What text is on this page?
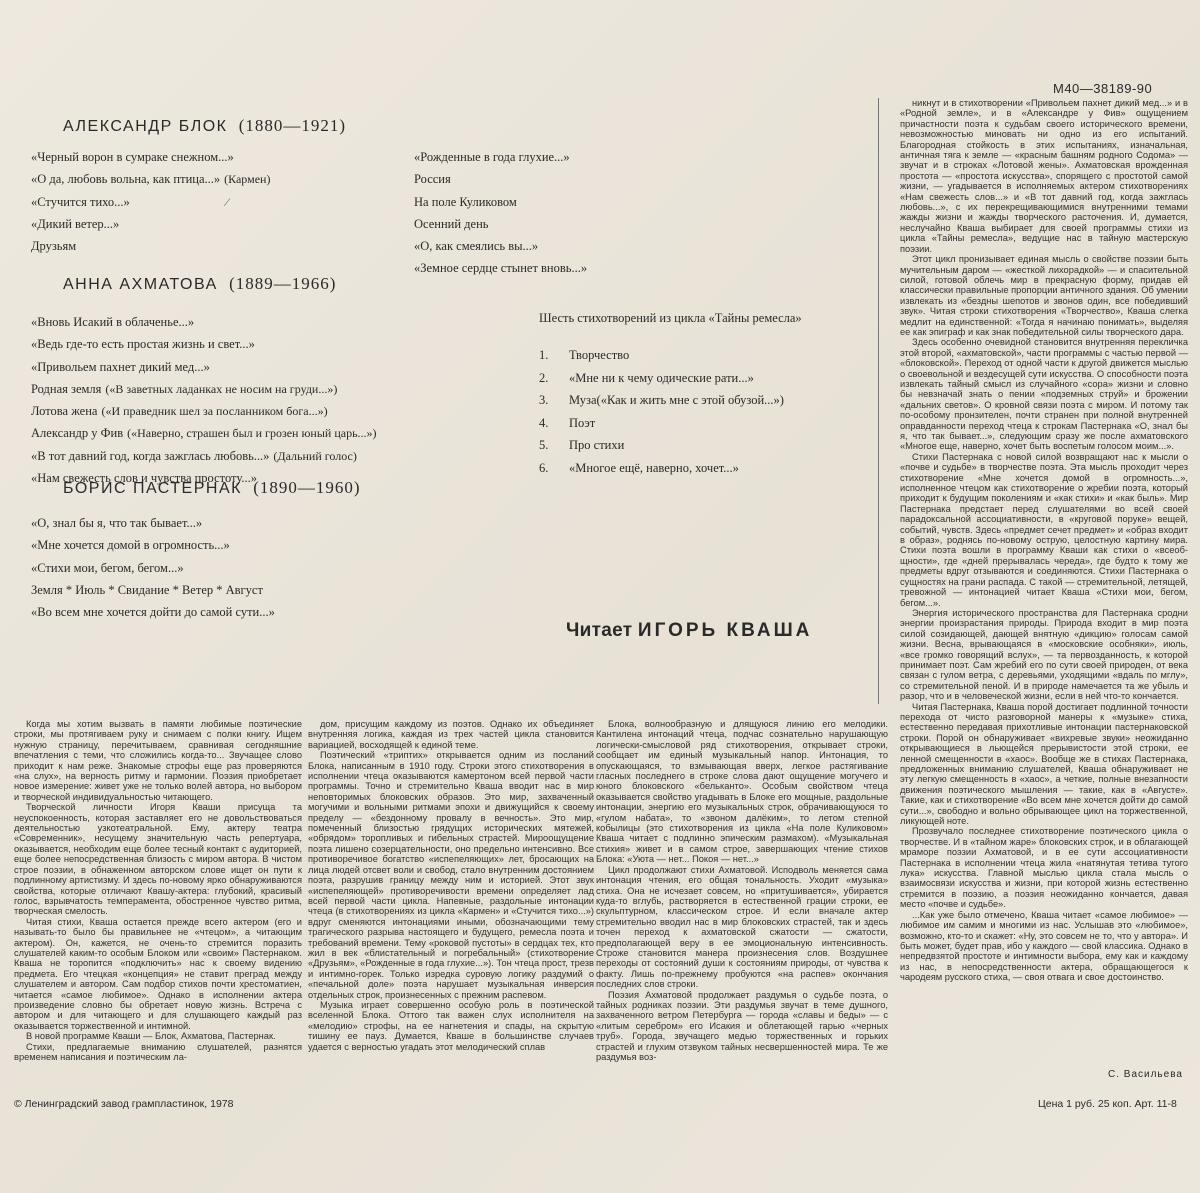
М40—38189-90
АЛЕКСАНДР БЛОК (1880—1921)
«Черный ворон в сумраке снежном...»
«О да, любовь вольна, как птица...» (Кармен)
«Стучится тихо...»
«Дикий ветер...»
Друзьям
«Рожденные в года глухие...»
Россия
На поле Куликовом
Осенний день
«О, как смеялись вы...»
«Земное сердце стынет вновь...»
⁄
АННА АХМАТОВА (1889—1966)
«Вновь Исакий в облаченье...»
«Ведь где-то есть простая жизнь и свет...»
«Привольем пахнет дикий мед...»
Родная земля («В заветных ладанках не носим на груди...»)
Лотова жена («И праведник шел за посланником бога...»)
Александр у Фив («Наверно, страшен был и грозен юный царь...»)
«В тот давний год, когда зажглась любовь...» (Дальний голос)
«Нам свежесть слов и чувства простоту...»
Шесть стихотворений из цикла «Тайны ремесла»
1. Творчество
2. «Мне ни к чему одические рати...»
3. Муза(«Как и жить мне с этой обузой...»)
4. Поэт
5. Про стихи
6. «Многое ещё, наверно, хочет...»
БОРИС ПАСТЕРНАК (1890—1960)
«О, знал бы я, что так бывает...»
«Мне хочется домой в огромность...»
«Стихи мои, бегом, бегом...»
Земля * Июль * Свидание * Ветер * Август
«Во всем мне хочется дойти до самой сути...»
Читает ИГОРЬ КВАША

Когда мы хотим вызвать в памяти любимые поэтические строки, мы протягиваем руку и снимаем с полки книгу. Ищем нужную страницу, перечитываем, сравнивая сегодняшние впечатления с теми, что сложились когда-то... Звучащее слово приходит к нам реже. Знакомые строфы еще раз проверяются «на слух», на верность ритму и гармонии. Поэзия приобретает новое измерение: живет уже не только волей автора, но выбором и творческой индивидуальностью читающего.

Творческой личности Игоря Кваши присуща та неуспокоенность, которая заставляет его не довольствоваться деятельностью узкотеатральной. Ему, актеру театра «Современник», несущему значительную часть репертуара, оказывается, необходим еще более тесный контакт с аудиторией, еще более непосредственная близость с миром автора. В чистом строе поэзии, в обнаженном авторском слове ищет он пути к подлинному артистизму. И здесь по-новому ярко обнаруживаются свойства, которые отличают Квашу-актера: глубокий, красивый голос, взрывчатость темперамента, обостренное чувство ритма, творческая смелость.

Читая стихи, Кваша остается прежде всего актером (его и называть-то было бы правильнее не «чтецом», а читающим актером). Он, кажется, не очень-то стремится поразить слушателей каким-то особым Блоком или «своим» Пастернаком. Кваша не торопится «подключить» нас к своему видению предмета. Его чтецкая «концепция» не ставит преград между слушателем и автором. Сам подбор стихов почти хрестоматиен, читается «самое любимое». Однако в исполнении актера произведение словно бы обретает новую жизнь. Встреча с автором и для читающего и для слушающего каждый раз оказывается торжественной и интимной.

В новой программе Кваши — Блок, Ахматова, Пастернак.

Стихи, предлагаемые вниманию слушателей, разнятся временем написания и поэтическим ла-

дом, присущим каждому из поэтов. Однако их объединяет внутренняя логика, каждая из трех частей цикла становится вариацией, восходящей к единой теме.

Поэтический «триптих» открывается одним из посланий Блока, написанным в 1910 году. Строки этого стихотворения в исполнении чтеца оказываются камертоном всей первой части программы. Точно и стремительно Кваша вводит нас в мир неповторимых блоковских образов. Это мир, захваченный могучими и вольными ритмами эпохи и движущийся к своему пределу — «бездонному провалу в вечность». Это мир, помеченный близостью грядущих исторических мятежей, «обрядом» торопливых и гибельных страстей. Мироощущение поэта лишено созерцательности, оно предельно интенсивно. Все противоречивое богатство «испепеляющих» лет, бросающих на лица людей отсвет воли и свобод, стало внутренним достоянием поэта, разрушив границу между ним и историей. Этот звук «испепеляющей» противоречивости времени определяет лад всей первой части цикла. Напевные, раздольные интонации чтеца (в стихотворениях из цикла «Кармен» и «Стучится тихо...») вдруг сменяются интонациями иными, обозначающими тему трагического разрыва настоящего и будущего, ремесла поэта и требований времени. Тему «роковой пустоты» в сердцах тех, кто жил в век «блистательный и погребальный» (стихотворение «Друзьям», «Рожденные в года глухие...»). Тон чтеца прост, трезв и интимно-горек. Только изредка суровую логику раздумий о «печальной доле» поэта нарушает музыкальная инверсия отдельных строк, произнесенных с прежним распевом.

Музыка играет совершенно особую роль в поэтической вселенной Блока. Оттого так важен слух исполнителя на «мелодию» строфы, на ее нагнетения и спады, на скрытую тишину ее пауз. Думается, Кваше в большинстве случаев удается с верностью угадать этот мелодический сплав

Блока, волнообразную и длящуюся линию его мелодики. Кантилена интонаций чтеца, подчас сознательно нарушающую логически-смысловой ряд стихотворения, открывает строки, сообщает им единый музыкальный напор. Интонация, то опускающаяся, то взмывающая вверх, легкое растягивание гласных последнего в строке слова дают ощущение могучего и юного блоковского «бельканто». Особым свойством чтеца оказывается свойство угадывать в Блоке его мощные, раздольные интонации, энергию его музыкальных строк, обрачивающуюся то «гулом набата», то «звоном далёким», то летом степной кобылицы (это стихотворения из цикла «На поле Куликовом» Кваша читает с подлинно эпическим размахом). «Музыкальная стихия» живет и в самом строе, завершающих чтение стихов Блока: «Уюта — нет... Покоя — нет...»

Цикл продолжают стихи Ахматовой. Исподволь меняется сама интонация чтения, его общая тональность. Уходит «музыка» стиха. Она не исчезает совсем, но «притушивается», убирается куда-то вглубь, растворяется в естественной грации строки, ее скульптурном, классическом строе. И если вначале актер стремительно вводил нас в мир блоковских страстей, так и здесь точен переход к ахматовской сжатости — сжатости, предполагающей веру в ее эмоциональную интенсивность. Строже становится манера произнесения слов. Воздушнее переходы от состояний души к состояниям природы, от чувства к факту. Лишь по-прежнему пробуются «на распев» окончания последних слов строки.

Поэзия Ахматовой продолжает раздумья о судьбе поэта, о тайных родниках поэзии. Эти раздумья звучат в теме душного, захваченного ветром Петербурга — города «славы и беды» — с «литым серебром» его Исакия и облетающей гарью «черных труб». Города, звучащего медью торжественных и горьких страстей и глухим отзвуком тайных несвершенностей мира. Те же раздумья воз-

никнут и в стихотворении «Привольем пахнет дикий мед...» и в «Родной земле», и в «Александре у Фив» ощущением причастности поэта к судьбам своего исторического времени, невозможностью миновать ни одно из его испытаний. Благородная стойкость в этих испытаниях, изначальная, античная тяга к земле — «красным башням родного Содома» — звучат и в строках «Лотовой жены». Ахматовская врожденная простота — «простота искусства», спорящего с простотой самой жизни, — угадывается в исполняемых актером стихотворениях «Нам свежесть слов...» и «В тот давний год, когда зажглась любовь...», с их перекрещивающимися внутренними темами жажды жизни и жажды творческого расточения. И, думается, неслучайно Кваша выбирает для своей программы стихи из цикла «Тайны ремесла», ведущие нас в тайную мастерскую поэзии.

Этот цикл пронизывает единая мысль о свойстве поэзии быть мучительным даром — «жесткой лихорадкой» — и спасительной силой, готовой облечь мир в прекрасную форму, придав ей классически правильные пропорции античного здания. Об умении извлекать из «бездны шепотов и звонов один, все победивший звук». Читая строки стихотворения «Творчество», Кваша слегка медлит на единственной: «Тогда я начинаю понимать», выделяя ее как эпиграф и как знак победительной силы творческого дара.

Здесь особенно очевидной становится внутренняя перекличка этой второй, «ахматовской», части программы с частью первой — «блоковской». Переход от одной части к другой движется мыслью о своевольной и вездесущей сути искусства. О способности поэта извлекать тайный смысл из случайного «сора» жизни и словно бы невзначай знать о пении «подземных струй» и брожении «дальних светов». О кровной связи поэта с миром. И потому так по-особому пронзителен, почти странен при полной внутренней оправданности переход чтеца к строкам Пастернака «О, знал бы я, что так бывает...», следующим сразу же после ахматовского «Многое еще, наверно, хочет быть воспетым голосом моим...».

Стихи Пастернака с новой силой возвращают нас к мысли о «почве и судьбе» в творчестве поэта. Эта мысль проходит через стихотворение «Мне хочется домой в огромность...», исполненное чтецом как стихотворение о жребии поэта, который приходит к будущим поколениям и «как стихи» и «как быль». Мир Пастернака предстает перед слушателями во всей своей парадоксальной ассоциативности, в «круговой поруке» вещей, событий, чувств. Здесь «предмет сечет предмет» и «образ входит в образ», роднясь по-новому острую, целостную картину мира. Стихи поэта вошли в программу Кваши как стихи о «всеобщности», где «дней прерывалась череда», где будто к тому же предметы вдруг отзываются и соединяются. Стихи Пастернака о сущностях на грани распада. С такой — стремительной, летящей, тревожной — интонацией читает Кваша «Стихи мои, бегом, бегом...».

Энергия исторического пространства для Пастернака сродни энергии произрастания природы. Природа входит в мир поэта силой созидающей, дающей внятную «дикцию» голосам самой жизни. Весна, врывающаяся в «московские особняки», июль, «все громко говорящий вслух», — та первозданность, к которой принимает поэт. Сам жребий его по сути своей природен, от века связан с гулом ветра, с деревьями, уходящими «вдаль по мглу», со стремительной пеной. И в природе намечается та же убыль и разор, что и в человеческой жизни, если в ней что-то кончается.

Читая Пастернака, Кваша порой достигает подлинной точности перехода от чисто разговорной манеры к «музыке» стиха, естественно передавая прихотливые интонации пастернаковской строки. Порой он обнаруживает «вихревые звуки» неожиданно открывающиеся в льющейся прерывистости этой строки, ее ленной смещенности в «хаос». Вообще же в стихах Пастернака, предложенных вниманию слушателей, Кваша обнаруживает не эту легкую смещенность в «хаос», а четкие, полные внезапности движения поэтического мышления — такие, как в «Августе». Такие, как и стихотворение «Во всем мне хочется дойти до самой сути...», свободно и вольно обрывающее цикл на торжественной, ликующей ноте.

Прозвучало последнее стихотворение поэтического цикла о творчестве. И в «тайном жаре» блоковских строк, и в облагающей мраморе поэзии Ахматовой, и в ее сути ассоциативности Пастернака в исполнении чтеца жила «натянутая тетива тугого лука» искусства. Главной мыслью цикла стала мысль о взаимосвязи искусства и жизни, при которой жизнь естественно стремится в поэзию, а поэзия неожиданно кончается, давая место «почве и судьбе».

...Как уже было отмечено, Кваша читает «самое любимое» — любимое им самим и многими из нас. Услышав это «любимое», возможно, кто-то и скажет: «Ну, это совсем не то, что у автора». И быть может, будет прав, ибо у каждого — свой классика. Однако в непредвзятой простоте и интимности выбора, ему как и каждому из нас, в непосредственности актера, обращающегося к чародеям русского стиха, — своя отвага и свое достоинство.

С. Васильева
© Ленинградский завод грампластинок, 1978	Цена 1 руб. 25 коп. Арт. 11-8
